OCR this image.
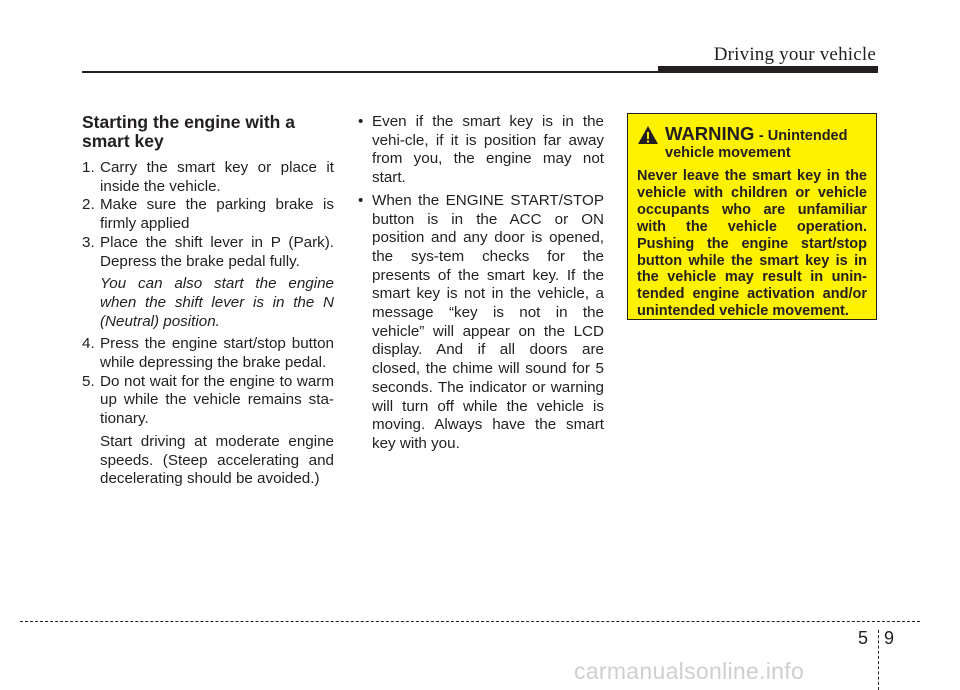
Driving your vehicle
Starting the engine with a smart key
1. Carry the smart key or place it inside the vehicle.
2. Make sure the parking brake is firmly applied
3. Place the shift lever in P (Park). Depress the brake pedal fully.
You can also start the engine when the shift lever is in the N (Neutral) position.
4. Press the engine start/stop button while depressing the brake pedal.
5. Do not wait for the engine to warm up while the vehicle remains sta-tionary.
Start driving at moderate engine speeds. (Steep accelerating and decelerating should be avoided.)
• Even if the smart key is in the vehi-cle, if it is position far away from you, the engine may not start.
• When the ENGINE START/STOP button is in the ACC or ON position and any door is opened, the sys-tem checks for the presents of the smart key. If the smart key is not in the vehicle, a message “key is not in the vehicle” will appear on the LCD display. And if all doors are closed, the chime will sound for 5 seconds. The indicator or warning will turn off while the vehicle is moving. Always have the smart key with you.
WARNING - Unintended
vehicle movement
Never leave the smart key in the vehicle with children or vehicle occupants who are unfamiliar with the vehicle operation. Pushing the engine start/stop button while the smart key is in the vehicle may result in unin-tended engine activation and/or unintended vehicle movement.
5 9
carmanualsonline.info
